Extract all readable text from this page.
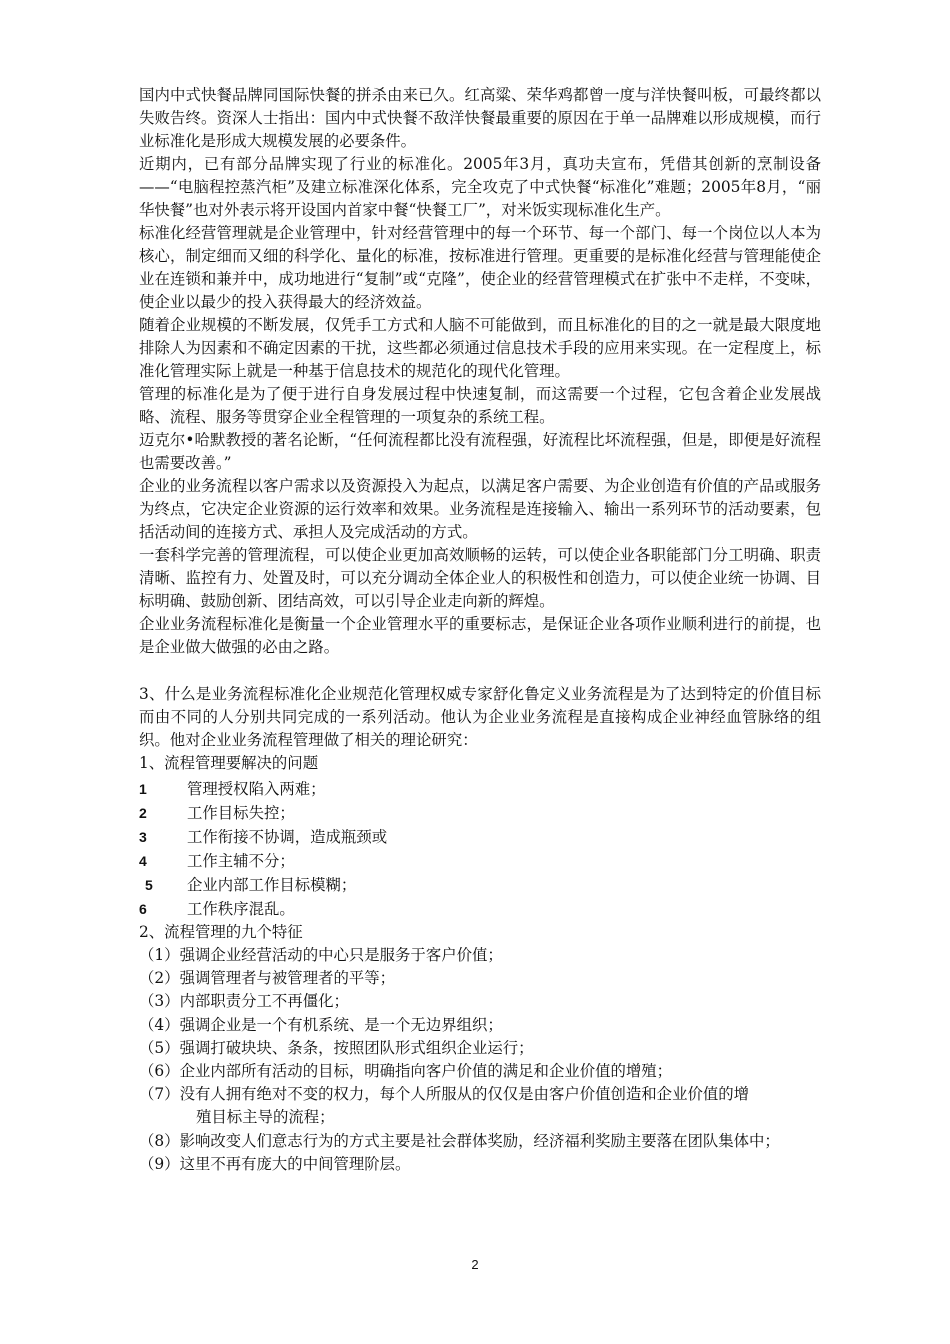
国内中式快餐品牌同国际快餐的拼杀由来已久。红高粱、荣华鸡都曾一度与洋快餐叫板，可最终都以失败告终。资深人士指出：国内中式快餐不敌洋快餐最重要的原因在于单一品牌难以形成规模，而行业标准化是形成大规模发展的必要条件。

近期内，已有部分品牌实现了行业的标准化。2005年3月，真功夫宣布，凭借其创新的烹制设备——“电脑程控蒸汽柜”及建立标准深化体系，完全攻克了中式快餐“标准化”难题；2005年8月，“丽华快餐”也对外表示将开设国内首家中餐“快餐工厂”，对米饭实现标准化生产。

标准化经营管理就是企业管理中，针对经营管理中的每一个环节、每一个部门、每一个岗位以人本为核心，制定细而又细的科学化、量化的标准，按标准进行管理。更重要的是标准化经营与管理能使企业在连锁和兼并中，成功地进行“复制”或“克隆”，使企业的经营管理模式在扩张中不走样，不变味，使企业以最少的投入获得最大的经济效益。

随着企业规模的不断发展，仅凭手工方式和人脑不可能做到，而且标准化的目的之一就是最大限度地排除人为因素和不确定因素的干扰，这些都必须通过信息技术手段的应用来实现。在一定程度上，标准化管理实际上就是一种基于信息技术的规范化的现代化管理。

管理的标准化是为了便于进行自身发展过程中快速复制，而这需要一个过程，它包含着企业发展战略、流程、服务等贯穿企业全程管理的一项复杂的系统工程。

迈克尔•哈默教授的著名论断，“任何流程都比没有流程强，好流程比坏流程强，但是，即便是好流程也需要改善。”

企业的业务流程以客户需求以及资源投入为起点，以满足客户需要、为企业创造有价值的产品或服务为终点，它决定企业资源的运行效率和效果。业务流程是连接输入、输出一系列环节的活动要素，包括活动间的连接方式、承担人及完成活动的方式。

一套科学完善的管理流程，可以使企业更加高效顺畅的运转，可以使企业各职能部门分工明确、职责清晰、监控有力、处置及时，可以充分调动全体企业人的积极性和创造力，可以使企业统一协调、目标明确、鼓励创新、团结高效，可以引导企业走向新的辉煌。

企业业务流程标准化是衡量一个企业管理水平的重要标志，是保证企业各项作业顺利进行的前提，也是企业做大做强的必由之路。

3、什么是业务流程标准化企业规范化管理权威专家舒化鲁定义业务流程是为了达到特定的价值目标而由不同的人分别共同完成的一系列活动。他认为企业业务流程是直接构成企业神经血管脉络的组织。他对企业业务流程管理做了相关的理论研究：

1、流程管理要解决的问题

1	管理授权陷入两难；
2	工作目标失控；
3	工作衔接不协调，造成瓶颈或
4	工作主辅不分；
5 企业内部工作目标模糊；
6	工作秩序混乱。

2、流程管理的九个特征

（1）强调企业经营活动的中心只是服务于客户价值；

（2）强调管理者与被管理者的平等；

（3）内部职责分工不再僵化；

（4）强调企业是一个有机系统、是一个无边界组织；

（5）强调打破块块、条条，按照团队形式组织企业运行；

（6）企业内部所有活动的目标，明确指向客户价值的满足和企业价值的增殖；

（7）没有人拥有绝对不变的权力，每个人所服从的仅仅是由客户价值创造和企业价值的增
殖目标主导的流程；

（8）影响改变人们意志行为的方式主要是社会群体奖励，经济福利奖励主要落在团队集体中；

（9）这里不再有庞大的中间管理阶层。

2
